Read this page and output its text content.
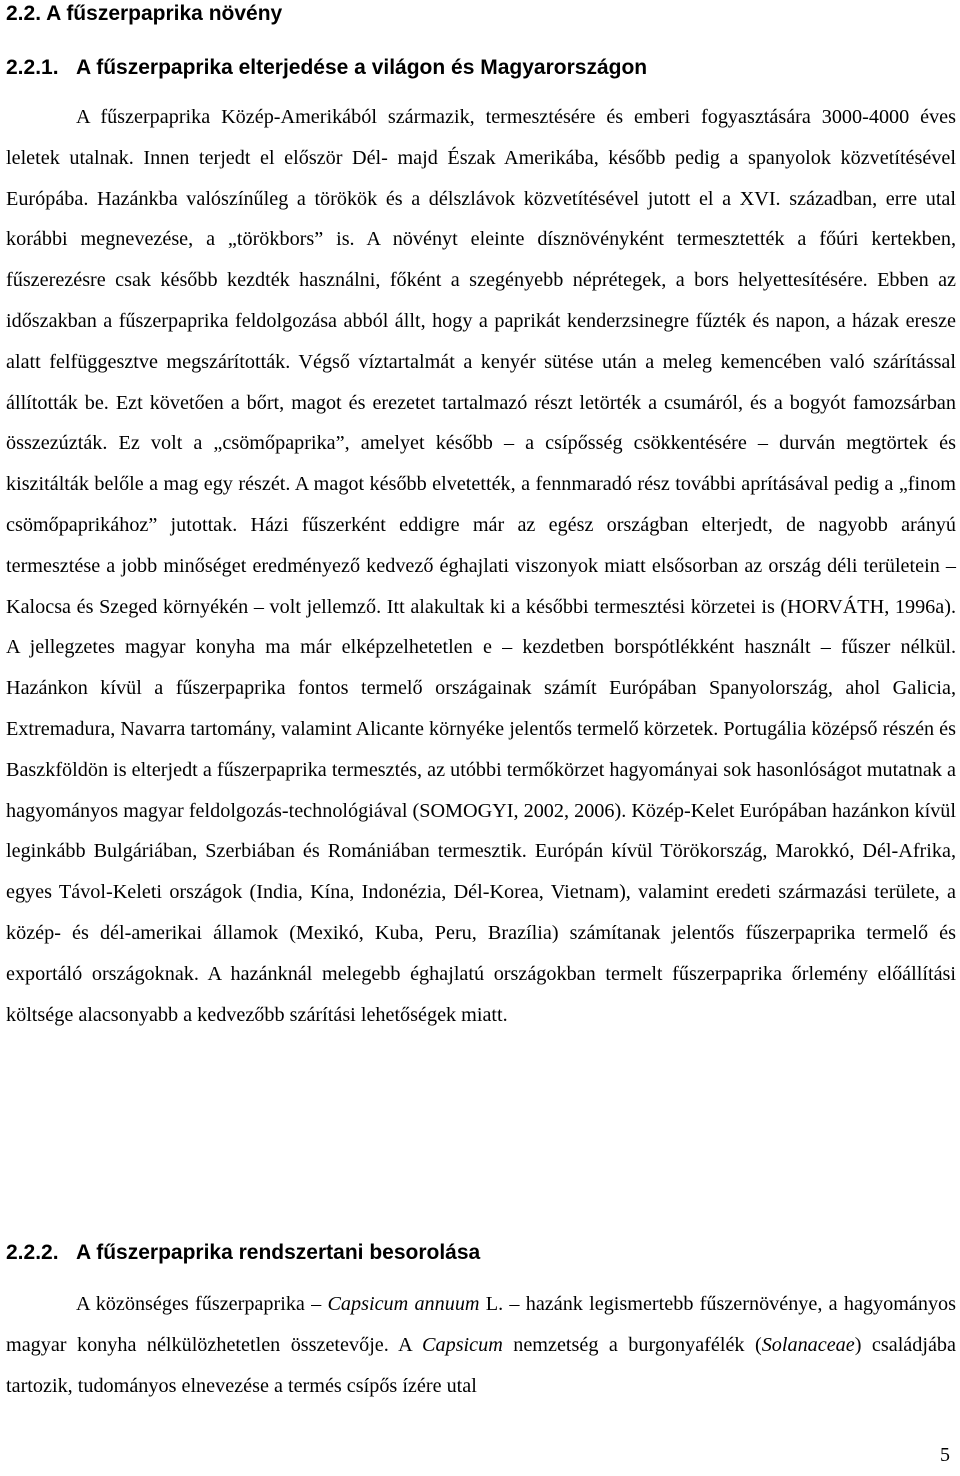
2.2. A fűszerpaprika növény
2.2.1. A fűszerpaprika elterjedése a világon és Magyarországon

A fűszerpaprika Közép-Amerikából származik, termesztésére és emberi fogyasztására 3000-4000 éves leletek utalnak. Innen terjedt el először Dél- majd Észak Amerikába, később pedig a spanyolok közvetítésével Európába. Hazánkba valószínűleg a törökök és a délszlávok közvetítésével jutott el a XVI. században, erre utal korábbi megnevezése, a „törökbors” is. A növényt eleinte dísznövényként termesztették a főúri kertekben, fűszerezésre csak később kezdték használni, főként a szegényebb néprétegek, a bors helyettesítésére. Ebben az időszakban a fűszerpaprika feldolgozása abból állt, hogy a paprikát kenderzsinegre fűzték és napon, a házak eresze alatt felfüggesztve megszárították. Végső víztartalmát a kenyér sütése után a meleg kemencében való szárítással állították be. Ezt követően a bőrt, magot és erezetet tartalmazó részt letörték a csumáról, és a bogyót famozsárban összezúzták. Ez volt a „csömőpaprika”, amelyet később – a csípősség csökkentésére – durván megtörtek és kiszitálták belőle a mag egy részét. A magot később elvetették, a fennmaradó rész további aprításával pedig a „finom csömőpaprikához” jutottak. Házi fűszerként eddigre már az egész országban elterjedt, de nagyobb arányú termesztése a jobb minőséget eredményező kedvező éghajlati viszonyok miatt elsősorban az ország déli területein – Kalocsa és Szeged környékén – volt jellemző. Itt alakultak ki a későbbi termesztési körzetei is (HORVÁTH, 1996a). A jellegzetes magyar konyha ma már elképzelhetetlen e – kezdetben borspótlékként használt – fűszer nélkül. Hazánkon kívül a fűszerpaprika fontos termelő országainak számít Európában Spanyolország, ahol Galicia, Extremadura, Navarra tartomány, valamint Alicante környéke jelentős termelő körzetek. Portugália középső részén és Baszkföldön is elterjedt a fűszerpaprika termesztés, az utóbbi termőkörzet hagyományai sok hasonlóságot mutatnak a hagyományos magyar feldolgozás-technológiával (SOMOGYI, 2002, 2006). Közép-Kelet Európában hazánkon kívül leginkább Bulgáriában, Szerbiában és Romániában termesztik. Európán kívül Törökország, Marokkó, Dél-Afrika, egyes Távol-Keleti országok (India, Kína, Indonézia, Dél-Korea, Vietnam), valamint eredeti származási területe, a közép- és dél-amerikai államok (Mexikó, Kuba, Peru, Brazília) számítanak jelentős fűszerpaprika termelő és exportáló országoknak. A hazánknál melegebb éghajlatú országokban termelt fűszerpaprika őrlemény előállítási költsége alacsonyabb a kedvezőbb szárítási lehetőségek miatt.

2.2.2. A fűszerpaprika rendszertani besorolása

A közönséges fűszerpaprika – Capsicum annuum L. – hazánk legismertebb fűszernövénye, a hagyományos magyar konyha nélkülözhetetlen összetevője. A Capsicum nemzetség a burgonyafélék (Solanaceae) családjába tartozik, tudományos elnevezése a termés csípős ízére utal

5
